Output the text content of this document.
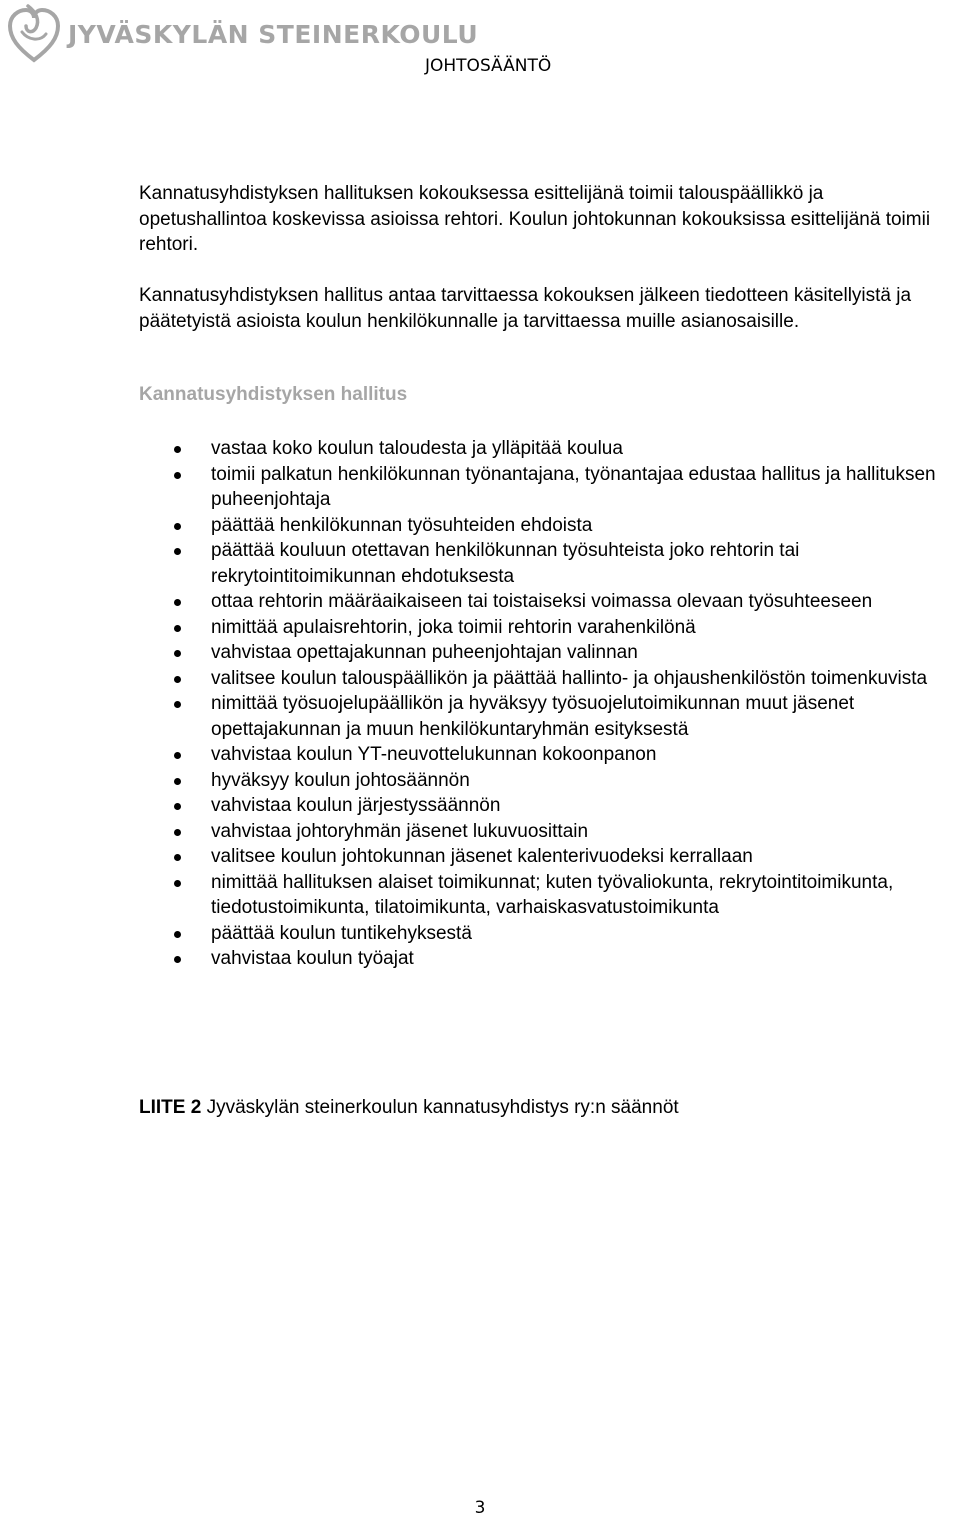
JYVÄSKYLÄN STEINERKOULU
JOHTOSÄÄNTÖ

Kannatusyhdistyksen hallituksen kokouksessa esittelijänä toimii talouspäällikkö ja opetushallintoa koskevissa asioissa rehtori. Koulun johtokunnan kokouksissa esittelijänä toimii rehtori.

Kannatusyhdistyksen hallitus antaa tarvittaessa kokouksen jälkeen tiedotteen käsitellyistä ja päätetyistä asioista koulun henkilökunnalle ja tarvittaessa muille asianosaisille.

Kannatusyhdistyksen hallitus
vastaa koko koulun taloudesta ja ylläpitää koulua
toimii palkatun henkilökunnan työnantajana, työnantajaa edustaa hallitus ja hallituksen puheenjohtaja
päättää henkilökunnan työsuhteiden ehdoista
päättää kouluun otettavan henkilökunnan työsuhteista joko rehtorin tai rekrytointitoimikunnan ehdotuksesta
ottaa rehtorin määräaikaiseen tai toistaiseksi voimassa olevaan työsuhteeseen
nimittää apulaisrehtorin, joka toimii rehtorin varahenkilönä
vahvistaa opettajakunnan puheenjohtajan valinnan
valitsee koulun talouspäällikön ja päättää hallinto- ja ohjaushenkilöstön toimenkuvista
nimittää työsuojelupäällikön ja hyväksyy työsuojelutoimikunnan muut jäsenet opettajakunnan ja muun henkilökuntaryhmän esityksestä
vahvistaa koulun YT-neuvottelukunnan kokoonpanon
hyväksyy koulun johtosäännön
vahvistaa koulun järjestyssäännön
vahvistaa johtoryhmän jäsenet lukuvuosittain
valitsee koulun johtokunnan jäsenet kalenterivuodeksi kerrallaan
nimittää hallituksen alaiset toimikunnat; kuten työvaliokunta, rekrytointitoimikunta, tiedotustoimikunta, tilatoimikunta, varhaiskasvatustoimikunta
päättää koulun tuntikehyksestä
vahvistaa koulun työajat
LIITE 2 Jyväskylän steinerkoulun kannatusyhdistys ry:n säännöt
3
